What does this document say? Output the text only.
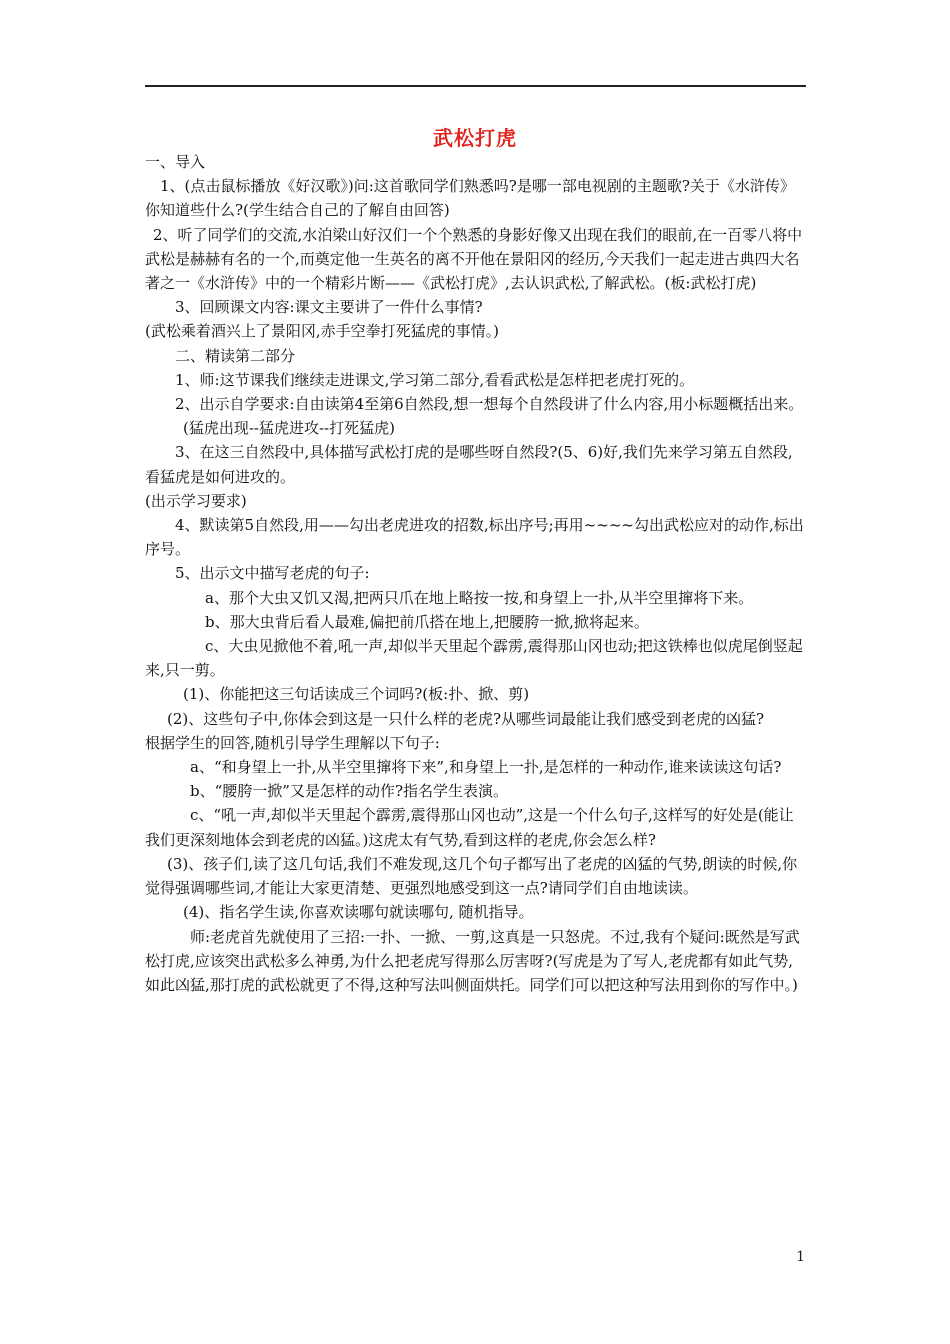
武松打虎

一、导入

1、(点击鼠标播放《好汉歌》)问:这首歌同学们熟悉吗?是哪一部电视剧的主题歌?关于《水浒传》你知道些什么?(学生结合自己的了解自由回答)

2、听了同学们的交流,水泊梁山好汉们一个个熟悉的身影好像又出现在我们的眼前,在一百零八将中武松是赫赫有名的一个,而奠定他一生英名的离不开他在景阳冈的经历,今天我们一起走进古典四大名著之一《水浒传》中的一个精彩片断——《武松打虎》,去认识武松,了解武松。(板:武松打虎)

3、回顾课文内容:课文主要讲了一件什么事情?

(武松乘着酒兴上了景阳冈,赤手空拳打死猛虎的事情。)

二、精读第二部分

1、师:这节课我们继续走进课文,学习第二部分,看看武松是怎样把老虎打死的。

2、出示自学要求:自由读第4至第6自然段,想一想每个自然段讲了什么内容,用小标题概括出来。

(猛虎出现--猛虎进攻--打死猛虎)

3、在这三自然段中,具体描写武松打虎的是哪些呀自然段?(5、6)好,我们先来学习第五自然段,看猛虎是如何进攻的。

(出示学习要求)

4、默读第5自然段,用——勾出老虎进攻的招数,标出序号;再用~~~~勾出武松应对的动作,标出序号。

5、出示文中描写老虎的句子:

a、那个大虫又饥又渴,把两只爪在地上略按一按,和身望上一扑,从半空里撺将下来。

b、那大虫背后看人最难,偏把前爪搭在地上,把腰胯一掀,掀将起来。

c、大虫见掀他不着,吼一声,却似半天里起个霹雳,震得那山冈也动;把这铁棒也似虎尾倒竖起来,只一剪。

(1)、你能把这三句话读成三个词吗?(板:扑、掀、剪)

(2)、这些句子中,你体会到这是一只什么样的老虎?从哪些词最能让我们感受到老虎的凶猛?

根据学生的回答,随机引导学生理解以下句子:

a、“和身望上一扑,从半空里撺将下来”,和身望上一扑,是怎样的一种动作,谁来读读这句话?

b、“腰胯一掀”又是怎样的动作?指名学生表演。

c、“吼一声,却似半天里起个霹雳,震得那山冈也动”,这是一个什么句子,这样写的好处是(能让我们更深刻地体会到老虎的凶猛。)这虎太有气势,看到这样的老虎,你会怎么样?

(3)、孩子们,读了这几句话,我们不难发现,这几个句子都写出了老虎的凶猛的气势,朗读的时候,你觉得强调哪些词,才能让大家更清楚、更强烈地感受到这一点?请同学们自由地读读。

(4)、指名学生读,你喜欢读哪句就读哪句, 随机指导。

师:老虎首先就使用了三招:一扑、一掀、一剪,这真是一只怒虎。不过,我有个疑问:既然是写武松打虎,应该突出武松多么神勇,为什么把老虎写得那么厉害呀?(写虎是为了写人,老虎都有如此气势,如此凶猛,那打虎的武松就更了不得,这种写法叫侧面烘托。同学们可以把这种写法用到你的写作中。)

1
